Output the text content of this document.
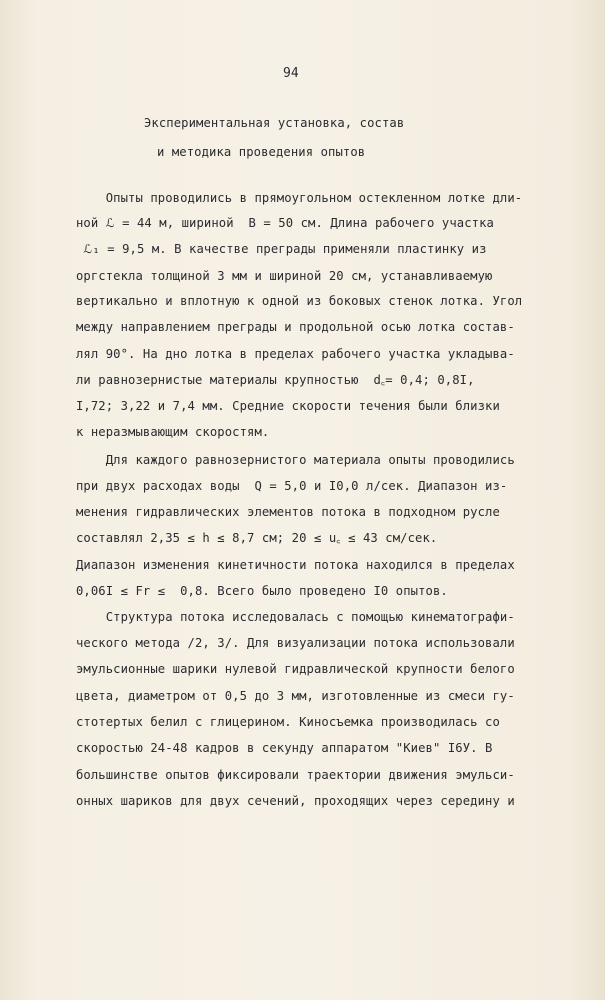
94
Экспериментальная установка, состав
и методика проведения опытов
Опыты проводились в прямоугольном остекленном лотке дли-
ной ℒ = 44 м, шириной  B = 50 см. Длина рабочего участка
ℒ₁ = 9,5 м. В качестве преграды применяли пластинку из
оргстекла толщиной 3 мм и шириной 20 см, устанавливаемую
вертикально и вплотную к одной из боковых стенок лотка. Угол
между направлением преграды и продольной осью лотка состав-
лял 90°. На дно лотка в пределах рабочего участка укладыва-
ли равнозернистые материалы крупностью  d꜀= 0,4; 0,8I,
I,72; 3,22 и 7,4 мм. Средние скорости течения были близки
к неразмывающим скоростям.
Для каждого равнозернистого материала опыты проводились
при двух расходах воды  Q = 5,0 и I0,0 л/сек. Диапазон из-
менения гидравлических элементов потока в подходном русле
составлял 2,35 ≤ h ≤ 8,7 см; 20 ≤ u꜀ ≤ 43 см/сек.
Диапазон изменения кинетичности потока находился в пределах
0,06I ≤ Fr ≤  0,8. Всего было проведено I0 опытов.
Структура потока исследовалась с помощью кинематографи-
ческого метода /2, 3/. Для визуализации потока использовали
эмульсионные шарики нулевой гидравлической крупности белого
цвета, диаметром от 0,5 до 3 мм, изготовленные из смеси гу-
стотертых белил с глицерином. Киносъемка производилась со
скоростью 24-48 кадров в секунду аппаратом "Киев" I6У. В
большинстве опытов фиксировали траектории движения эмульси-
онных шариков для двух сечений, проходящих через середину и
